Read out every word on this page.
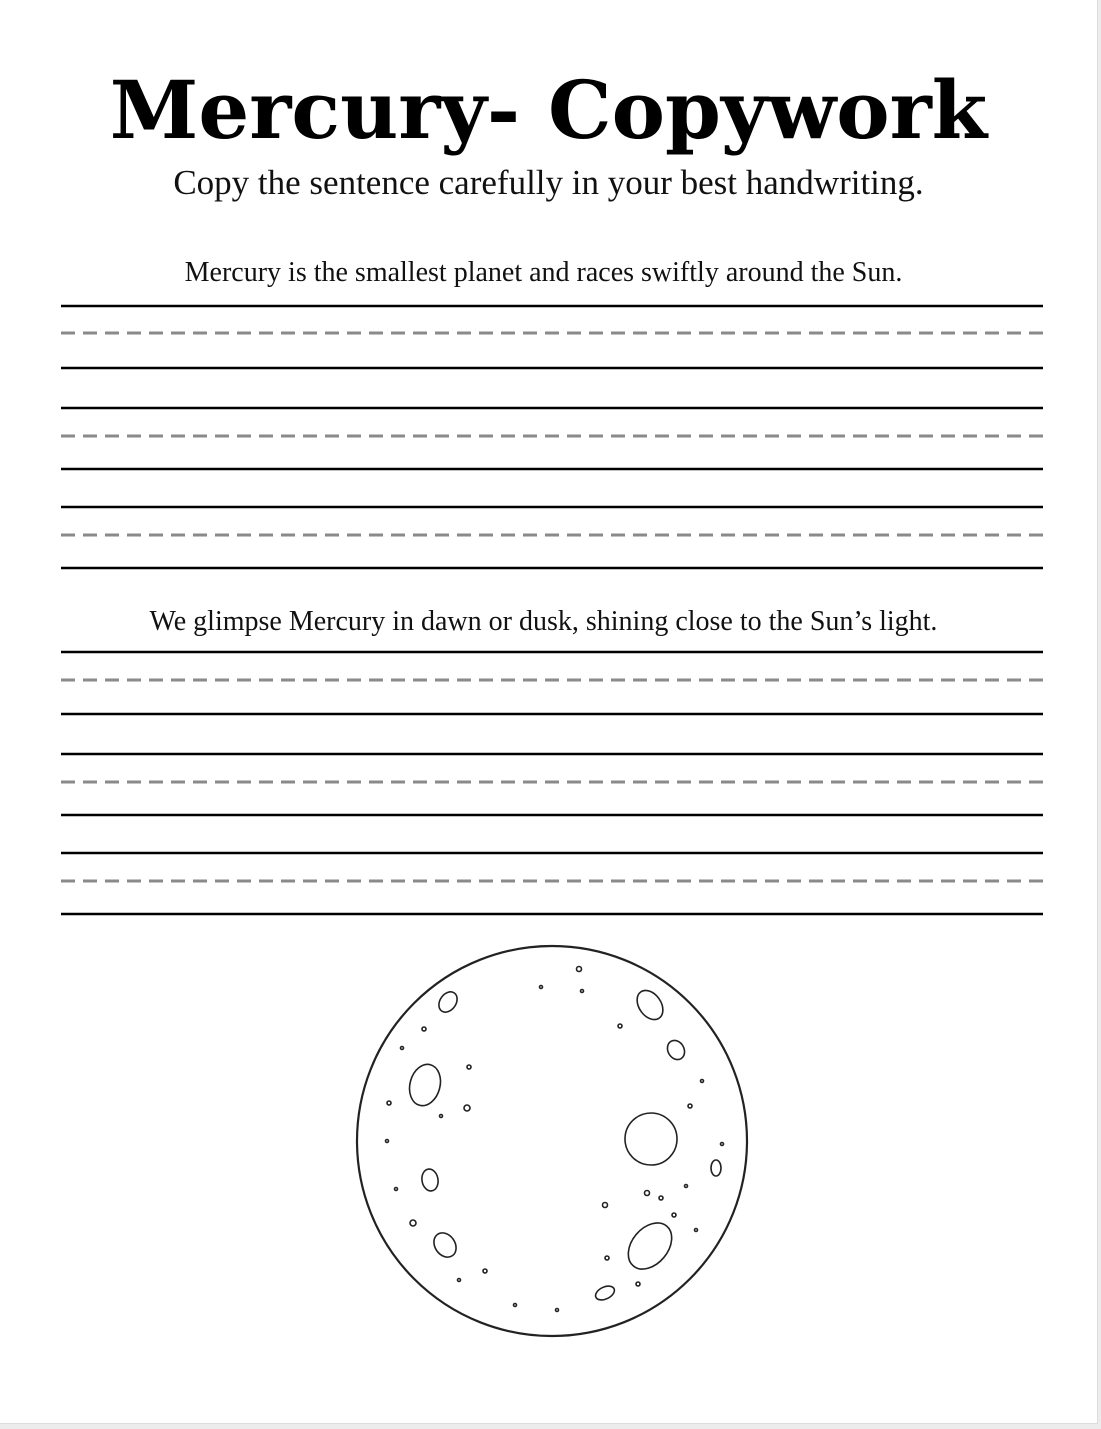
Mercury- Copywork

Copy the sentence carefully in your best handwriting.

Mercury is the smallest planet and races swiftly around the Sun.

We glimpse Mercury in dawn or dusk, shining close to the Sun’s light.
